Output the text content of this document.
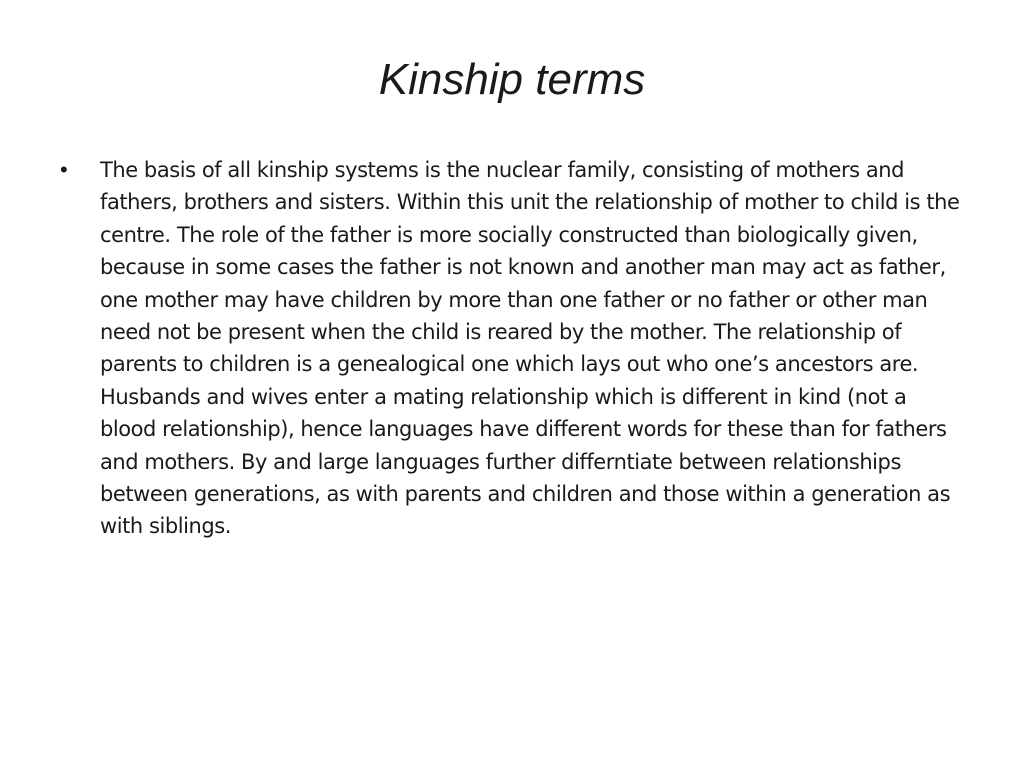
Kinship terms
•	The basis of all kinship systems is the nuclear family, consisting of mothers and fathers, brothers and sisters. Within this unit the relationship of mother to child is the centre. The role of the father is more socially constructed than biologically given, because in some cases the father is not known and another man may act as father, one mother may have children by more than one father or no father or other man need not be present when the child is reared by the mother. The relationship of parents to children is a genealogical one which lays out who one’s ancestors are. Husbands and wives enter a mating relationship which is different in kind (not a blood relationship), hence languages have different words for these than for fathers and mothers. By and large languages further differntiate between relationships between generations, as with parents and children and those within a generation as with siblings.
